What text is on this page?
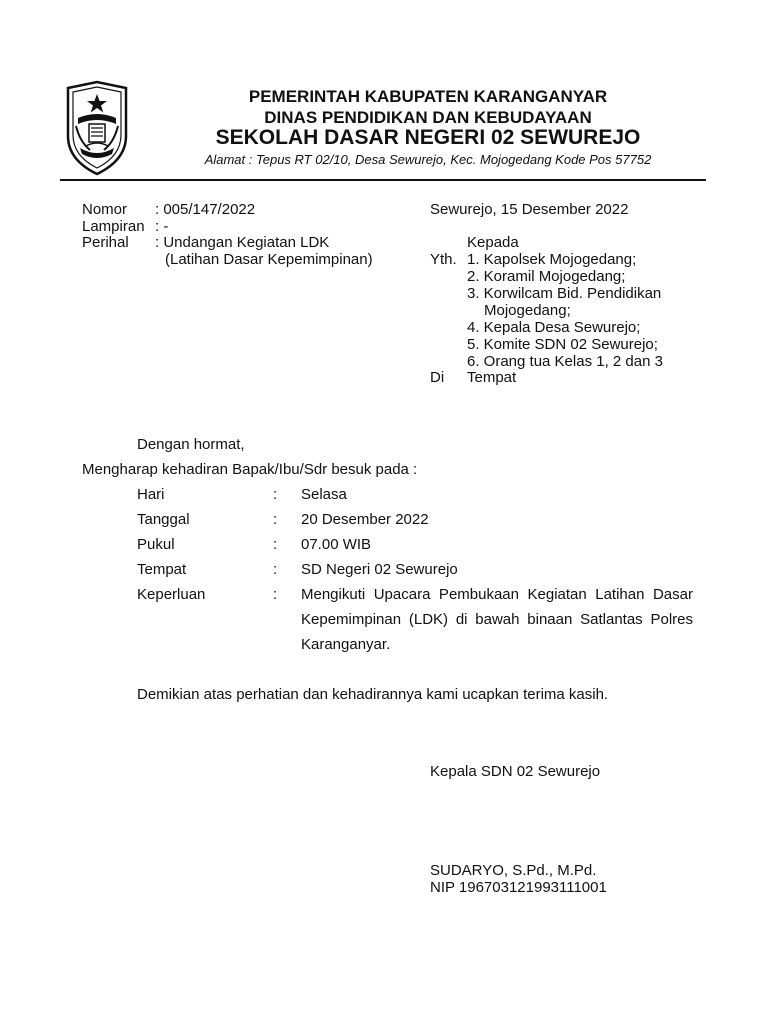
PEMERINTAH KABUPATEN KARANGANYAR
DINAS PENDIDIKAN DAN KEBUDAYAAN
SEKOLAH DASAR NEGERI 02 SEWUREJO
Alamat : Tepus RT 02/10, Desa Sewurejo, Kec. Mojogedang Kode Pos 57752
Nomor	: 005/147/2022
Lampiran : -
Perihal	: Undangan Kegiatan LDK
(Latihan Dasar Kepemimpinan)
Sewurejo, 15 Desember 2022
Kepada
Yth. 1. Kapolsek Mojogedang;
2. Koramil Mojogedang;
3. Korwilcam Bid. Pendidikan
Mojogedang;
4. Kepala Desa Sewurejo;
5. Komite SDN 02 Sewurejo;
6. Orang tua Kelas 1, 2 dan 3
Di Tempat
Dengan hormat,
Mengharap kehadiran Bapak/Ibu/Sdr besuk pada :
Hari	: Selasa
Tanggal	: 20 Desember 2022
Pukul	: 07.00 WIB
Tempat	: SD Negeri 02 Sewurejo
Keperluan	: Mengikuti Upacara Pembukaan Kegiatan Latihan Dasar
Kepemimpinan (LDK) di bawah binaan Satlantas Polres
Karanganyar.
Demikian atas perhatian dan kehadirannya kami ucapkan terima kasih.
Kepala SDN 02 Sewurejo
SUDARYO, S.Pd., M.Pd.
NIP 196703121993111001
